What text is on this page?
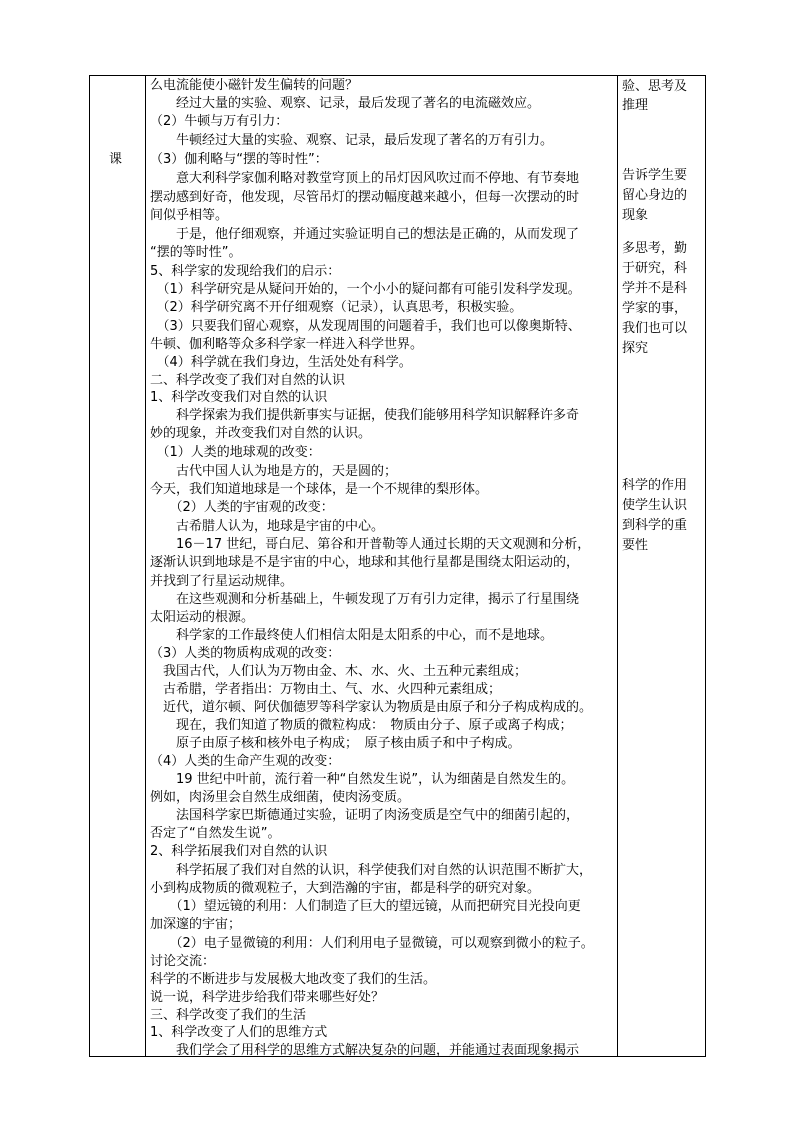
课
么电流能使小磁针发生偏转的问题？
　　经过大量的实验、观察、记录，最后发现了著名的电流磁效应。
（2）牛顿与万有引力：
　　牛顿经过大量的实验、观察、记录，最后发现了著名的万有引力。
（3）伽利略与“摆的等时性”：
　　意大利科学家伽利略对教堂穹顶上的吊灯因风吹过而不停地、有节奏地
摆动感到好奇，他发现，尽管吊灯的摆动幅度越来越小，但每一次摆动的时
间似乎相等。
　　于是，他仔细观察，并通过实验证明自己的想法是正确的，从而发现了
“摆的等时性”。
5、科学家的发现给我们的启示：
　（1）科学研究是从疑问开始的，一个小小的疑问都有可能引发科学发现。
　（2）科学研究离不开仔细观察（记录），认真思考，积极实验。
　（3）只要我们留心观察，从发现周围的问题着手，我们也可以像奥斯特、
牛顿、伽利略等众多科学家一样进入科学世界。
　（4）科学就在我们身边，生活处处有科学。
二、科学改变了我们对自然的认识
1、科学改变我们对自然的认识
　　科学探索为我们提供新事实与证据，使我们能够用科学知识解释许多奇
妙的现象，并改变我们对自然的认识。
　（1）人类的地球观的改变：
　　古代中国人认为地是方的，天是圆的；
今天，我们知道地球是一个球体，是一个不规律的梨形体。
　　（2）人类的宇宙观的改变：
　　古希腊人认为，地球是宇宙的中心。
　　16－17 世纪，哥白尼、第谷和开普勒等人通过长期的天文观测和分析，
逐渐认识到地球是不是宇宙的中心，地球和其他行星都是围绕太阳运动的，
并找到了行星运动规律。
　　在这些观测和分析基础上，牛顿发现了万有引力定律，揭示了行星围绕
太阳运动的根源。
　　科学家的工作最终使人们相信太阳是太阳系的中心，而不是地球。
（3）人类的物质构成观的改变：
　我国古代，人们认为万物由金、木、水、火、土五种元素组成；
　古希腊，学者指出：万物由土、气、水、火四种元素组成；
　近代，道尔顿、阿伏伽德罗等科学家认为物质是由原子和分子构成构成的。
　　现在，我们知道了物质的微粒构成：　物质由分子、原子或离子构成；
　　原子由原子核和核外电子构成；　原子核由质子和中子构成。
（4）人类的生命产生观的改变：
　　19 世纪中叶前，流行着一种“自然发生说”，认为细菌是自然发生的。
例如，肉汤里会自然生成细菌，使肉汤变质。
　　法国科学家巴斯德通过实验，证明了肉汤变质是空气中的细菌引起的，
否定了“自然发生说”。
2、科学拓展我们对自然的认识
　　科学拓展了我们对自然的认识，科学使我们对自然的认识范围不断扩大，
小到构成物质的微观粒子，大到浩瀚的宇宙，都是科学的研究对象。
　　（1）望远镜的利用：人们制造了巨大的望远镜，从而把研究目光投向更
加深邃的宇宙；
　　（2）电子显微镜的利用：人们利用电子显微镜，可以观察到微小的粒子。
讨论交流：
科学的不断进步与发展极大地改变了我们的生活。
说一说，科学进步给我们带来哪些好处？
三、科学改变了我们的生活
1、科学改变了人们的思维方式
　　我们学会了用科学的思维方式解决复杂的问题，并能通过表面现象揭示
验、思考及
推理
告诉学生要
留心身边的
现象
多思考，勤
于研究，科
学并不是科
学家的事，
我们也可以
探究
科学的作用
使学生认识
到科学的重
要性
